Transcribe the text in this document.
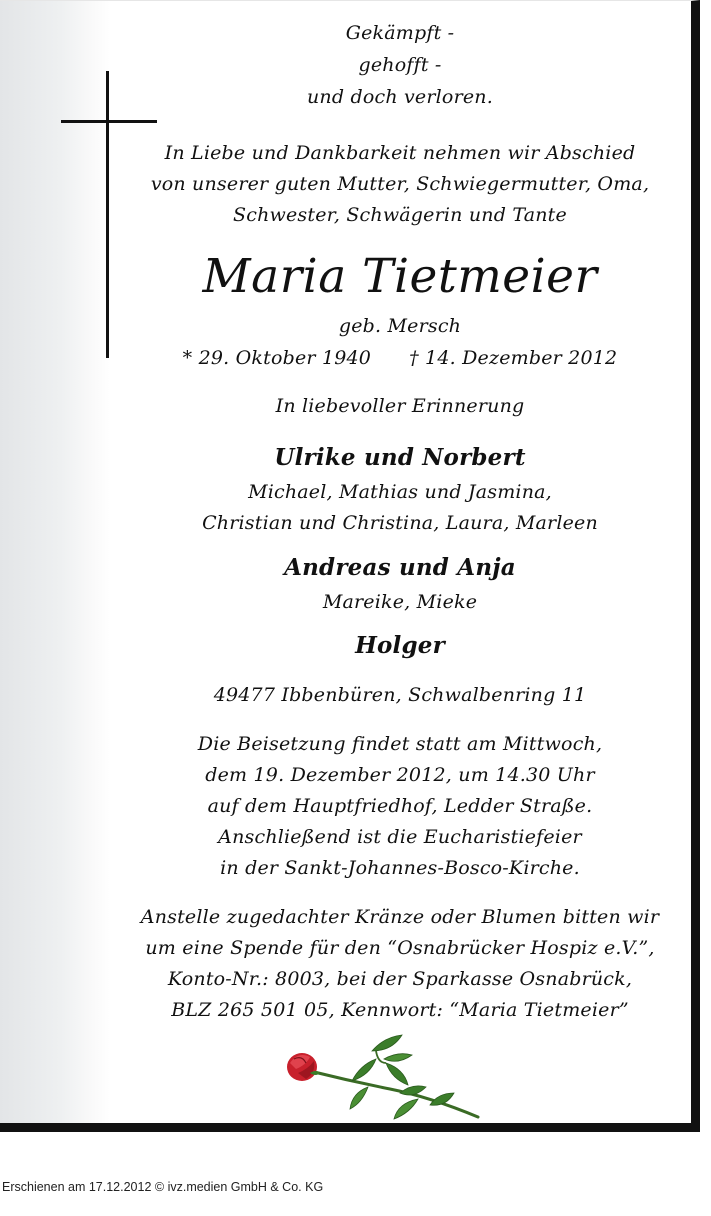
Gekämpft -
gehofft -
und doch verloren.
In Liebe und Dankbarkeit nehmen wir Abschied
von unserer guten Mutter, Schwiegermutter, Oma,
Schwester, Schwägerin und Tante
Maria Tietmeier
geb. Mersch
* 29. Oktober 1940 † 14. Dezember 2012
In liebevoller Erinnerung
Ulrike und Norbert
Michael, Mathias und Jasmina,
Christian und Christina, Laura, Marleen
Andreas und Anja
Mareike, Mieke
Holger
49477 Ibbenbüren, Schwalbenring 11
Die Beisetzung findet statt am Mittwoch,
dem 19. Dezember 2012, um 14.30 Uhr
auf dem Hauptfriedhof, Ledder Straße.
Anschließend ist die Eucharistiefeier
in der Sankt-Johannes-Bosco-Kirche.
Anstelle zugedachter Kränze oder Blumen bitten wir
um eine Spende für den “Osnabrücker Hospiz e.V.”,
Konto-Nr.: 8003, bei der Sparkasse Osnabrück,
BLZ 265 501 05, Kennwort: “Maria Tietmeier”
Erschienen am 17.12.2012 © ivz.medien GmbH & Co. KG
